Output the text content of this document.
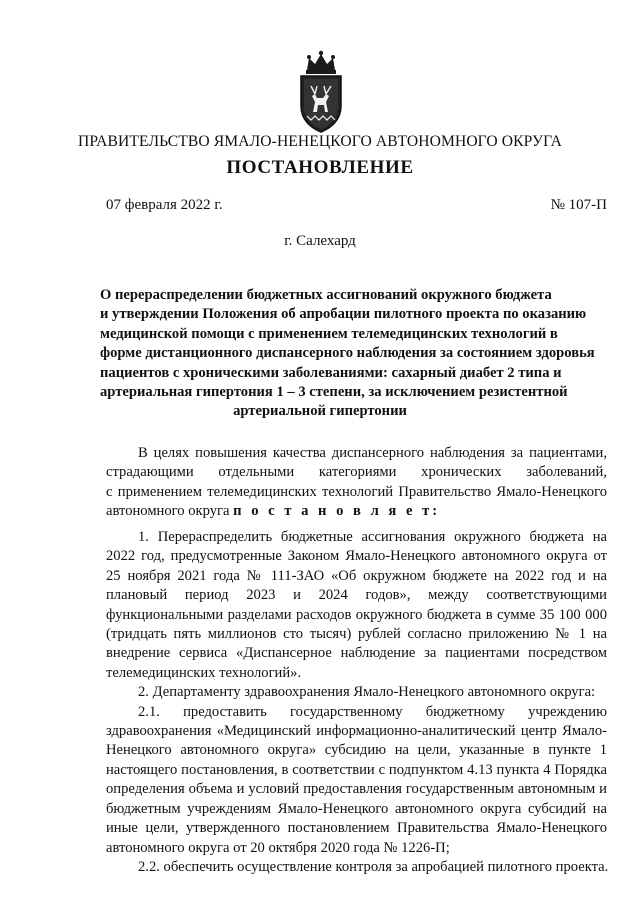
ПРАВИТЕЛЬСТВО ЯМАЛО-НЕНЕЦКОГО АВТОНОМНОГО ОКРУГА
ПОСТАНОВЛЕНИЕ
07 февраля 2022 г.	№ 107-П
г. Салехард
О перераспределении бюджетных ассигнований окружного бюджета
и утверждении Положения об апробации пилотного проекта по оказанию
медицинской помощи с применением телемедицинских технологий в
форме дистанционного диспансерного наблюдения за состоянием здоровья
пациентов с хроническими заболеваниями: сахарный диабет 2 типа и
артериальная гипертония 1 – 3 степени, за исключением резистентной
артериальной гипертонии
В целях повышения качества диспансерного наблюдения за пациентами,
страдающими отдельными категориями хронических заболеваний,
с применением телемедицинских технологий Правительство Ямало-Ненецкого
автономного округа п о с т а н о в л я е т:
1. Перераспределить бюджетные ассигнования окружного бюджета на
2022 год, предусмотренные Законом Ямало-Ненецкого автономного округа от
25 ноября 2021 года № 111-ЗАО «Об окружном бюджете на 2022 год и на
плановый период 2023 и 2024 годов», между соответствующими
функциональными разделами расходов окружного бюджета в сумме 35 100 000
(тридцать пять миллионов сто тысяч) рублей согласно приложению № 1 на
внедрение сервиса «Диспансерное наблюдение за пациентами посредством
телемедицинских технологий».
2. Департаменту здравоохранения Ямало-Ненецкого автономного округа:
2.1. предоставить государственному бюджетному учреждению
здравоохранения «Медицинский информационно-аналитический центр Ямало-
Ненецкого автономного округа» субсидию на цели, указанные в пункте 1
настоящего постановления, в соответствии с подпунктом 4.13 пункта 4 Порядка
определения объема и условий предоставления государственным автономным и
бюджетным учреждениям Ямало-Ненецкого автономного округа субсидий на
иные цели, утвержденного постановлением Правительства Ямало-Ненецкого
автономного округа от 20 октября 2020 года № 1226-П;
2.2. обеспечить осуществление контроля за апробацией пилотного проекта.
